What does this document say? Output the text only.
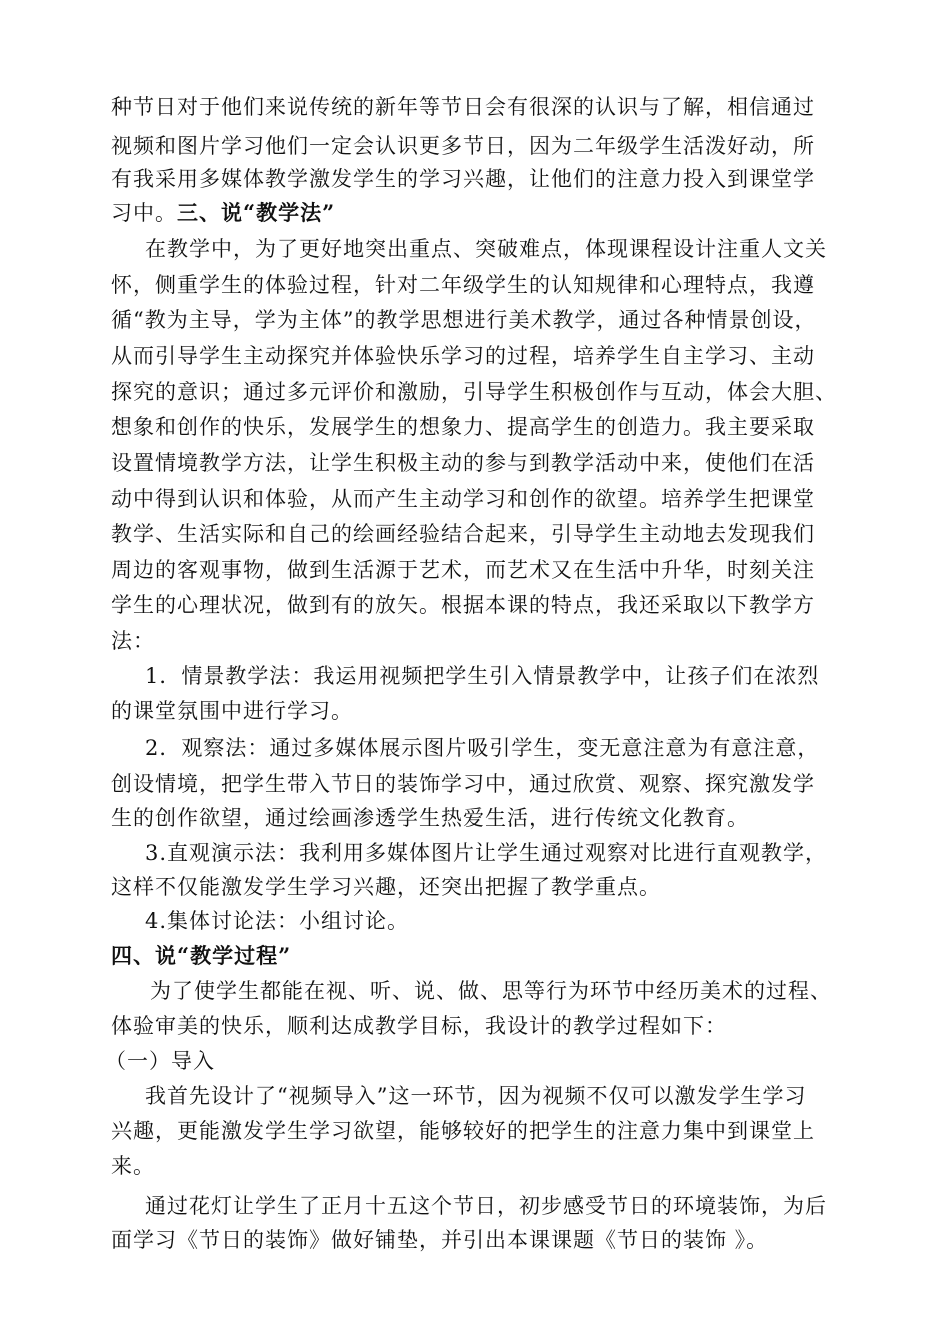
种节日对于他们来说传统的新年等节日会有很深的认识与了解，相信通过
视频和图片学习他们一定会认识更多节日，因为二年级学生活泼好动，所
有我采用多媒体教学激发学生的学习兴趣，让他们的注意力投入到课堂学
习中。三、说“教学法”
在教学中，为了更好地突出重点、突破难点，体现课程设计注重人文关
怀，侧重学生的体验过程，针对二年级学生的认知规律和心理特点，我遵
循“教为主导，学为主体”的教学思想进行美术教学，通过各种情景创设，
从而引导学生主动探究并体验快乐学习的过程，培养学生自主学习、主动
探究的意识；通过多元评价和激励，引导学生积极创作与互动，体会大胆、
想象和创作的快乐，发展学生的想象力、提高学生的创造力。我主要采取
设置情境教学方法，让学生积极主动的参与到教学活动中来，使他们在活
动中得到认识和体验，从而产生主动学习和创作的欲望。培养学生把课堂
教学、生活实际和自己的绘画经验结合起来，引导学生主动地去发现我们
周边的客观事物，做到生活源于艺术，而艺术又在生活中升华，时刻关注
学生的心理状况，做到有的放矢。根据本课的特点，我还采取以下教学方
法：
1．情景教学法：我运用视频把学生引入情景教学中，让孩子们在浓烈
的课堂氛围中进行学习。
2．观察法：通过多媒体展示图片吸引学生，变无意注意为有意注意，
创设情境，把学生带入节日的装饰学习中，通过欣赏、观察、探究激发学
生的创作欲望，通过绘画渗透学生热爱生活，进行传统文化教育。
3.直观演示法：我利用多媒体图片让学生通过观察对比进行直观教学，
这样不仅能激发学生学习兴趣，还突出把握了教学重点。
4.集体讨论法：小组讨论。
四、说“教学过程”
为了使学生都能在视、听、说、做、思等行为环节中经历美术的过程、
体验审美的快乐，顺利达成教学目标，我设计的教学过程如下：
（一）导入
我首先设计了“视频导入”这一环节，因为视频不仅可以激发学生学习
兴趣，更能激发学生学习欲望，能够较好的把学生的注意力集中到课堂上
来。
通过花灯让学生了正月十五这个节日，初步感受节日的环境装饰，为后
面学习《节日的装饰》做好铺垫，并引出本课课题《节日的装饰 》。
